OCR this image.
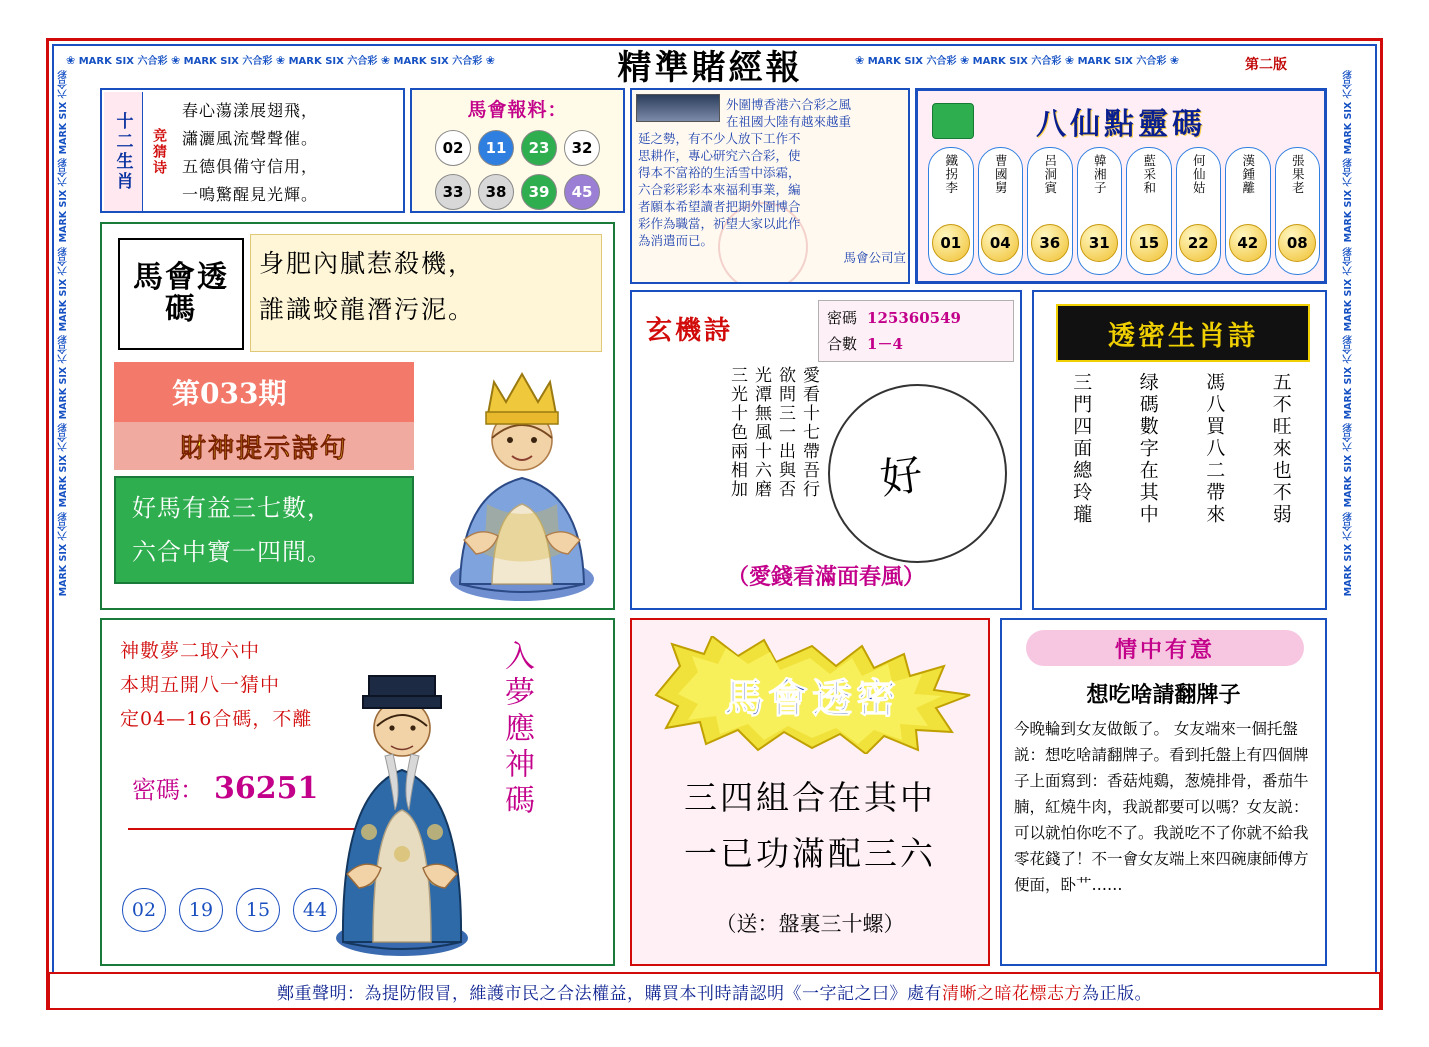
❀ MARK SIX 六合彩 ❀ MARK SIX 六合彩 ❀ MARK SIX 六合彩 ❀ MARK SIX 六合彩 ❀	❀ MARK SIX 六合彩 ❀ MARK SIX 六合彩 ❀ MARK SIX 六合彩 ❀
精準賭經報	第二版
MARK SIX 六合彩
MARK SIX 六合彩
MARK SIX 六合彩
MARK SIX 六合彩
MARK SIX 六合彩
MARK SIX 六合彩
MARK SIX 六合彩
MARK SIX 六合彩
MARK SIX 六合彩
MARK SIX 六合彩
MARK SIX 六合彩
MARK SIX 六合彩
十二生肖 竞猜诗
春心蕩漾展翅飛，
瀟灑風流聲聲催。
五德俱備守信用，
一鳴驚醒見光輝。
馬會報料：
02	11	23	32
33	38	39	45

外圍博香港六合彩之風

在祖國大陸有越來越重

延之勢，有不少人放下工作不

思耕作，專心研究六合彩，使

得本不富裕的生活雪中添霜，

六合彩彩彩本來福利事業，編

者願本希望讀者把期外圍博合

彩作為職當，祈望大家以此作

為消遣而已。

馬會公司宣

八仙點靈碼
鐵拐李
01
曹國舅
04
呂洞賓
36
韓湘子
31
藍采和
15
何仙姑
22
漢鍾離
42
張果老
08
馬會透碼
身肥內膩惹殺機，
誰識蛟龍潛污泥。
第033期
財神提示詩句
好馬有益三七數，
六合中寶一四間。
玄機詩	密碼 125360549
合數 1－4
愛看十七帶吾行
欲問三一出與否
光潭無風十六磨
三光十色兩相加	好
（愛錢看滿面春風）
透密生肖詩
五不旺來也不弱
馮八買八二帶來
绿碼數字在其中
三門四面總玲瓏
神數夢二取六中
本期五開八一猜中
定04—16合碼，不離
密碼： 36251
02	19	15	44
入夢應神碼	馬會透密
三四組合在其中
一已功滿配三六
（送：盤裏三十螺）
情中有意
想吃啥請翻牌子
今晚輪到女友做飯了。 女友端來一個托盤説：想吃啥請翻牌子。看到托盤上有四個牌子上面寫到：香菇炖鷄，葱燒排骨，番茄牛腩，紅燒牛肉，我説都要可以嗎？女友説：可以就怕你吃不了。我説吃不了你就不給我零花錢了！不一會女友端上來四碗康師傅方便面，卧艹……
鄭重聲明：為提防假冒，維護市民之合法權益，購買本刊時請認明《一字記之曰》處有 清晰之暗花標志方 為正版。
